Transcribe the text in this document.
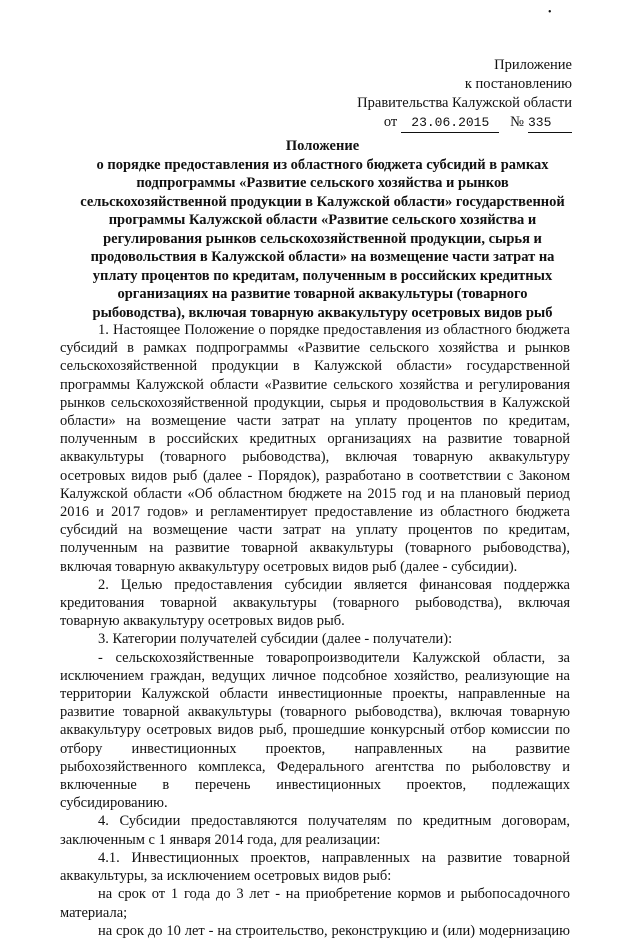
•
Приложение
к постановлению
Правительства Калужской области
от 23.06.2015 № 335
Положение
о порядке предоставления из областного бюджета субсидий в рамках подпрограммы «Развитие сельского хозяйства и рынков сельскохозяйственной продукции в Калужской области» государственной программы Калужской области «Развитие сельского хозяйства и регулирования рынков сельскохозяйственной продукции, сырья и продовольствия в Калужской области» на возмещение части затрат на уплату процентов по кредитам, полученным в российских кредитных организациях на развитие товарной аквакультуры (товарного рыбоводства), включая товарную аквакультуру осетровых видов рыб

1. Настоящее Положение о порядке предоставления из областного бюджета субсидий в рамках подпрограммы «Развитие сельского хозяйства и рынков сельскохозяйственной продукции в Калужской области» государственной программы Калужской области «Развитие сельского хозяйства и регулирования рынков сельскохозяйственной продукции, сырья и продовольствия в Калужской области» на возмещение части затрат на уплату процентов по кредитам, полученным в российских кредитных организациях на развитие товарной аквакультуры (товарного рыбоводства), включая товарную аквакультуру осетровых видов рыб (далее - Порядок), разработано в соответствии с Законом Калужской области «Об областном бюджете на 2015 год и на плановый период 2016 и 2017 годов» и регламентирует предоставление из областного бюджета субсидий на возмещение части затрат на уплату процентов по кредитам, полученным на развитие товарной аквакультуры (товарного рыбоводства), включая товарную аквакультуру осетровых видов рыб (далее - субсидии).

2. Целью предоставления субсидии является финансовая поддержка кредитования товарной аквакультуры (товарного рыбоводства), включая товарную аквакультуру осетровых видов рыб.

3. Категории получателей субсидии (далее - получатели):

- сельскохозяйственные товаропроизводители Калужской области, за исключением граждан, ведущих личное подсобное хозяйство, реализующие на территории Калужской области инвестиционные проекты, направленные на развитие товарной аквакультуры (товарного рыбоводства), включая товарную аквакультуру осетровых видов рыб, прошедшие конкурсный отбор комиссии по отбору инвестиционных проектов, направленных на развитие рыбохозяйственного комплекса, Федерального агентства по рыболовству и включенные в перечень инвестиционных проектов, подлежащих субсидированию.

4. Субсидии предоставляются получателям по кредитным договорам, заключенным с 1 января 2014 года, для реализации:

4.1. Инвестиционных проектов, направленных на развитие товарной аквакультуры, за исключением осетровых видов рыб:

на срок от 1 года до 3 лет - на приобретение кормов и рыбопосадочного материала;

на срок до 10 лет - на строительство, реконструкцию и (или) модернизацию
